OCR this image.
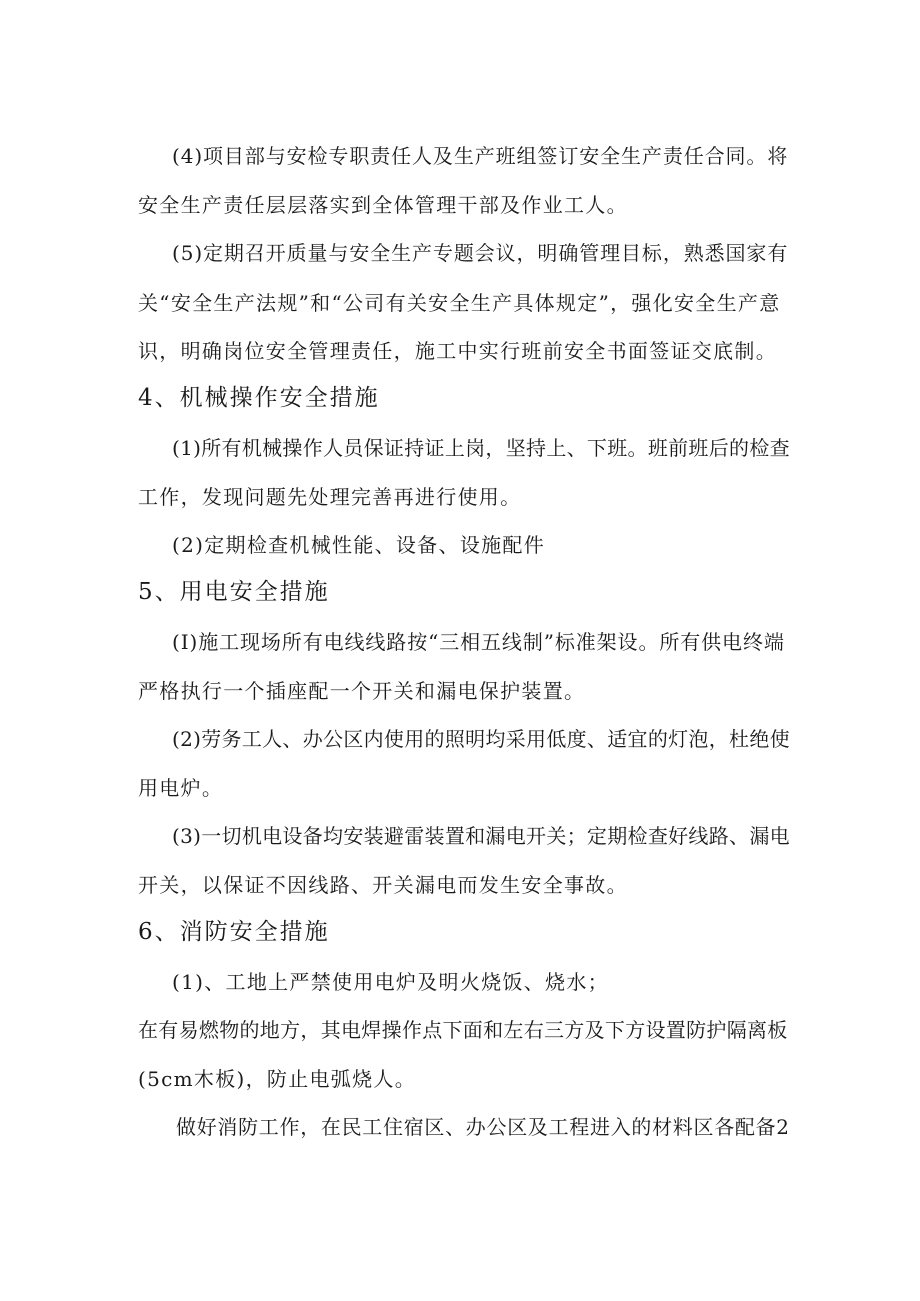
(4)项目部与安检专职责任人及生产班组签订安全生产责任合同。将
安全生产责任层层落实到全体管理干部及作业工人。
(5)定期召开质量与安全生产专题会议，明确管理目标，熟悉国家有
关“安全生产法规”和“公司有关安全生产具体规定”，强化安全生产意
识，明确岗位安全管理责任，施工中实行班前安全书面签证交底制。
4、机械操作安全措施
(1)所有机械操作人员保证持证上岗，坚持上、下班。班前班后的检查
工作，发现问题先处理完善再进行使用。
(2)定期检查机械性能、设备、设施配件
5、用电安全措施
(I)施工现场所有电线线路按“三相五线制”标准架设。所有供电终端
严格执行一个插座配一个开关和漏电保护装置。
(2)劳务工人、办公区内使用的照明均采用低度、适宜的灯泡，杜绝使
用电炉。
(3)一切机电设备均安装避雷装置和漏电开关；定期检查好线路、漏电
开关，以保证不因线路、开关漏电而发生安全事故。
6、消防安全措施
(1)、工地上严禁使用电炉及明火烧饭、烧水；
在有易燃物的地方，其电焊操作点下面和左右三方及下方设置防护隔离板
(5cm木板)，防止电弧烧人。
做好消防工作，在民工住宿区、办公区及工程进入的材料区各配备2
